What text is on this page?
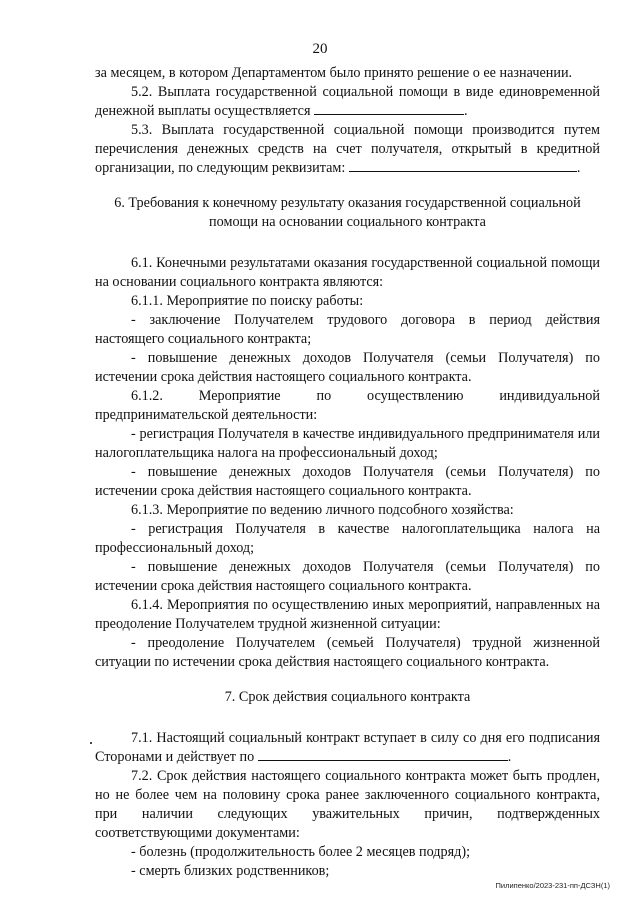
20

за месяцем, в котором Департаментом было принято решение о ее назначении.

5.2. Выплата государственной социальной помощи в виде единовременной денежной выплаты осуществляется	.

5.3. Выплата государственной социальной помощи производится путем перечисления денежных средств на счет получателя, открытый в кредитной организации, по следующим реквизитам:	.

6. Требования к конечному результату оказания государственной социальной помощи на основании социального контракта

6.1. Конечными результатами оказания государственной социальной помощи на основании социального контракта являются:

6.1.1. Мероприятие по поиску работы:

- заключение Получателем трудового договора в период действия настоящего социального контракта;

- повышение денежных доходов Получателя (семьи Получателя) по истечении срока действия настоящего социального контракта.

6.1.2. Мероприятие по осуществлению индивидуальной предпринимательской деятельности:

- регистрация Получателя в качестве индивидуального предпринимателя или налогоплательщика налога на профессиональный доход;

- повышение денежных доходов Получателя (семьи Получателя) по истечении срока действия настоящего социального контракта.

6.1.3. Мероприятие по ведению личного подсобного хозяйства:

- регистрация Получателя в качестве налогоплательщика налога на профессиональный доход;

- повышение денежных доходов Получателя (семьи Получателя) по истечении срока действия настоящего социального контракта.

6.1.4. Мероприятия по осуществлению иных мероприятий, направленных на преодоление Получателем трудной жизненной ситуации:

- преодоление Получателем (семьей Получателя) трудной жизненной ситуации по истечении срока действия настоящего социального контракта.

7. Срок действия социального контракта

7.1. Настоящий социальный контракт вступает в силу со дня его подписания Сторонами и действует по	.

7.2. Срок действия настоящего социального контракта может быть продлен, но не более чем на половину срока ранее заключенного социального контракта, при наличии следующих уважительных причин, подтвержденных соответствующими документами:

- болезнь (продолжительность более 2 месяцев подряд);

- смерть близких родственников;

Пилипенко/2023-231-пп-ДСЗН(1)
